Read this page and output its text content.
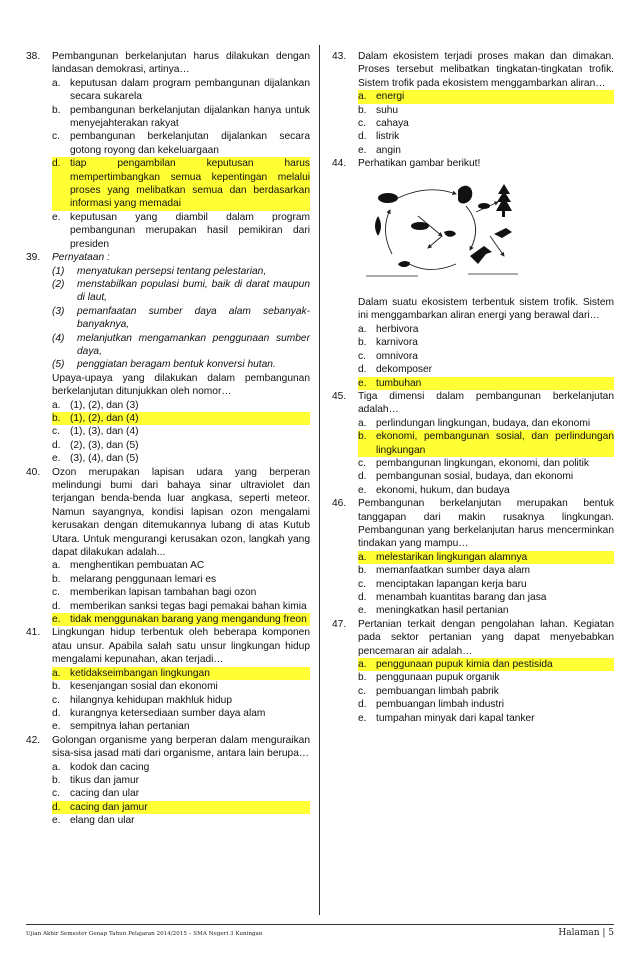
38.	Pembangunan berkelanjutan harus dilakukan dengan landasan demokrasi, artinya…
a. keputusan dalam program pembangunan dijalankan secara sukarela
b. pembangunan berkelanjutan dijalankan hanya untuk menyejahterakan rakyat
c. pembangunan berkelanjutan dijalankan secara gotong royong dan kekeluargaan
d. tiap pengambilan keputusan harus mempertimbangkan semua kepentingan melalui proses yang melibatkan semua dan berdasarkan informasi yang memadai
e. keputusan yang diambil dalam program pembangunan merupakan hasil pemikiran dari presiden
39.	Pernyataan :
(1)	menyatukan persepsi tentang pelestarian,
(2)	menstabilkan populasi bumi, baik di darat maupun di laut,
(3)	pemanfaatan sumber daya alam sebanyak-banyaknya,
(4)	melanjutkan mengamankan penggunaan sumber daya,
(5)	penggiatan beragam bentuk konversi hutan.
Upaya-upaya yang dilakukan dalam pembangunan berkelanjutan ditunjukkan oleh nomor…
a. (1), (2), dan (3)
b. (1), (2), dan (4)
c. (1), (3), dan (4)
d. (2), (3), dan (5)
e. (3), (4), dan (5)
40.	Ozon merupakan lapisan udara yang berperan melindungi bumi dari bahaya sinar ultraviolet dan terjangan benda-benda luar angkasa, seperti meteor. Namun sayangnya, kondisi lapisan ozon mengalami kerusakan dengan ditemukannya lubang di atas Kutub Utara. Untuk mengurangi kerusakan ozon, langkah yang dapat dilakukan adalah...
a. menghentikan pembuatan AC
b. melarang penggunaan lemari es
c. memberikan lapisan tambahan bagi ozon
d. memberikan sanksi tegas bagi pemakai bahan kimia
e. tidak menggunakan barang yang mengandung freon
41.	Lingkungan hidup terbentuk oleh beberapa komponen atau unsur. Apabila salah satu unsur lingkungan hidup mengalami kepunahan, akan terjadi…
a. ketidakseimbangan lingkungan
b. kesenjangan sosial dan ekonomi
c. hilangnya kehidupan makhluk hidup
d. kurangnya ketersediaan sumber daya alam
e. sempitnya lahan pertanian
42.	Golongan organisme yang berperan dalam menguraikan sisa-sisa jasad mati dari organisme, antara lain berupa…
a. kodok dan cacing
b. tikus dan jamur
c. cacing dan ular
d. cacing dan jamur
e. elang dan ular
43.	Dalam ekosistem terjadi proses makan dan dimakan. Proses tersebut melibatkan tingkatan-tingkatan trofik. Sistem trofik pada ekosistem menggambarkan aliran…
a. energi
b. suhu
c. cahaya
d. listrik
e. angin
44.	Perhatikan gambar berikut!
Dalam suatu ekosistem terbentuk sistem trofik. Sistem ini menggambarkan aliran energi yang berawal dari…
a. herbivora
b. karnivora
c. omnivora
d. dekomposer
e. tumbuhan
45.	Tiga dimensi dalam pembangunan berkelanjutan adalah…
a. perlindungan lingkungan, budaya, dan ekonomi
b. ekonomi, pembangunan sosial, dan perlindungan lingkungan
c. pembangunan lingkungan, ekonomi, dan politik
d. pembangunan sosial, budaya, dan ekonomi
e. ekonomi, hukum, dan budaya
46.	Pembangunan berkelanjutan merupakan bentuk tanggapan dari makin rusaknya lingkungan. Pembangunan yang berkelanjutan harus mencerminkan tindakan yang mampu…
a. melestarikan lingkungan alamnya
b. memanfaatkan sumber daya alam
c. menciptakan lapangan kerja baru
d. menambah kuantitas barang dan jasa
e. meningkatkan hasil pertanian
47.	Pertanian terkait dengan pengolahan lahan. Kegiatan pada sektor pertanian yang dapat menyebabkan pencemaran air adalah…
a. penggunaan pupuk kimia dan pestisida
b. penggunaan pupuk organik
c. pembuangan limbah pabrik
d. pembuangan limbah industri
e. tumpahan minyak dari kapal tanker
Ujian Akhir Semester Genap Tahun Pelajaran 2014/2015 – SMA Negeri 3 Kuningan	Halaman | 5
